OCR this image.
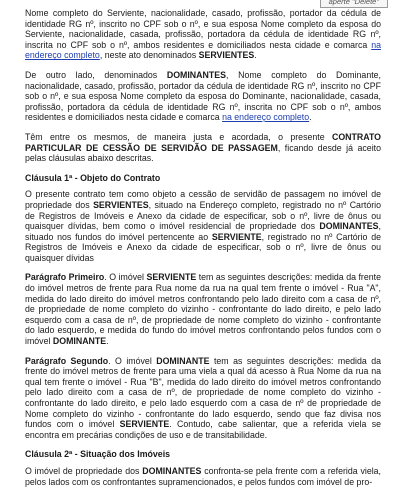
aperte "Delete"

Nome completo do Serviente, nacionalidade, casado, profissão, portador da cédula de identidade RG nº, inscrito no CPF sob o nº, e sua esposa Nome completo da esposa do Serviente, nacionalidade, casada, profissão, portadora da cédula de identidade RG nº, inscrita no CPF sob o nº, ambos residentes e domiciliados nesta cidade e comarca na endereço completo, neste ato denominados SERVIENTES.

De outro lado, denominados DOMINANTES, Nome completo do Dominante, nacionalidade, casado, profissão, portador da cédula de identidade RG nº, inscrito no CPF sob o nº, e sua esposa Nome completo da esposa do Dominante, nacionalidade, casada, profissão, portadora da cédula de identidade RG nº, inscrita no CPF sob o nº, ambos residentes e domiciliados nesta cidade e comarca na endereço completo.

Têm entre os mesmos, de maneira justa e acordada, o presente CONTRATO PARTICULAR DE CESSÃO DE SERVIDÃO DE PASSAGEM, ficando desde já aceito pelas cláusulas abaixo descritas.

Cláusula 1ª - Objeto do Contrato

O presente contrato tem como objeto a cessão de servidão de passagem no imóvel de propriedade dos SERVIENTES, situado na Endereço completo, registrado no nº Cartório de Registros de Imóveis e Anexo da cidade de especificar, sob o nº, livre de ônus ou quaisquer dívidas, bem como o imóvel residencial de propriedade dos DOMINANTES, situado nos fundos do imóvel pertencente ao SERVIENTE, registrado no nº Cartório de Registros de Imóveis e Anexo da cidade de especificar, sob o nº, livre de ônus ou quaisquer dívidas

Parágrafo Primeiro. O imóvel SERVIENTE tem as seguintes descrições: medida da frente do imóvel metros de frente para Rua nome da rua na qual tem frente o imóvel - Rua "A", medida do lado direito do imóvel metros confrontando pelo lado direito com a casa de nº, de propriedade de nome completo do vizinho - confrontante do lado direito, e pelo lado esquerdo com a casa de nº, de propriedade de nome completo do vizinho - confrontante do lado esquerdo, e medida do fundo do imóvel metros confrontando pelos fundos com o imóvel DOMINANTE.

Parágrafo Segundo. O imóvel DOMINANTE tem as seguintes descrições: medida da frente do imóvel metros de frente para uma viela a qual dá acesso à Rua Nome da rua na qual tem frente o imóvel - Rua "B", medida do lado direito do imóvel metros confrontando pelo lado direito com a casa de nº, de propriedade de nome completo do vizinho - confrontante do lado direito, e pelo lado esquerdo com a casa de nº de propriedade de Nome completo do vizinho - confrontante do lado esquerdo, sendo que faz divisa nos fundos com o imóvel SERVIENTE. Contudo, cabe salientar, que a referida viela se encontra em precárias condições de uso e de transitabilidade.

Cláusula 2ª - Situação dos Imóveis

O imóvel de propriedade dos DOMINANTES confronta-se pela frente com a referida viela, pelos lados com os confrontantes supramencionados, e pelos fundos com imóvel de pro-
